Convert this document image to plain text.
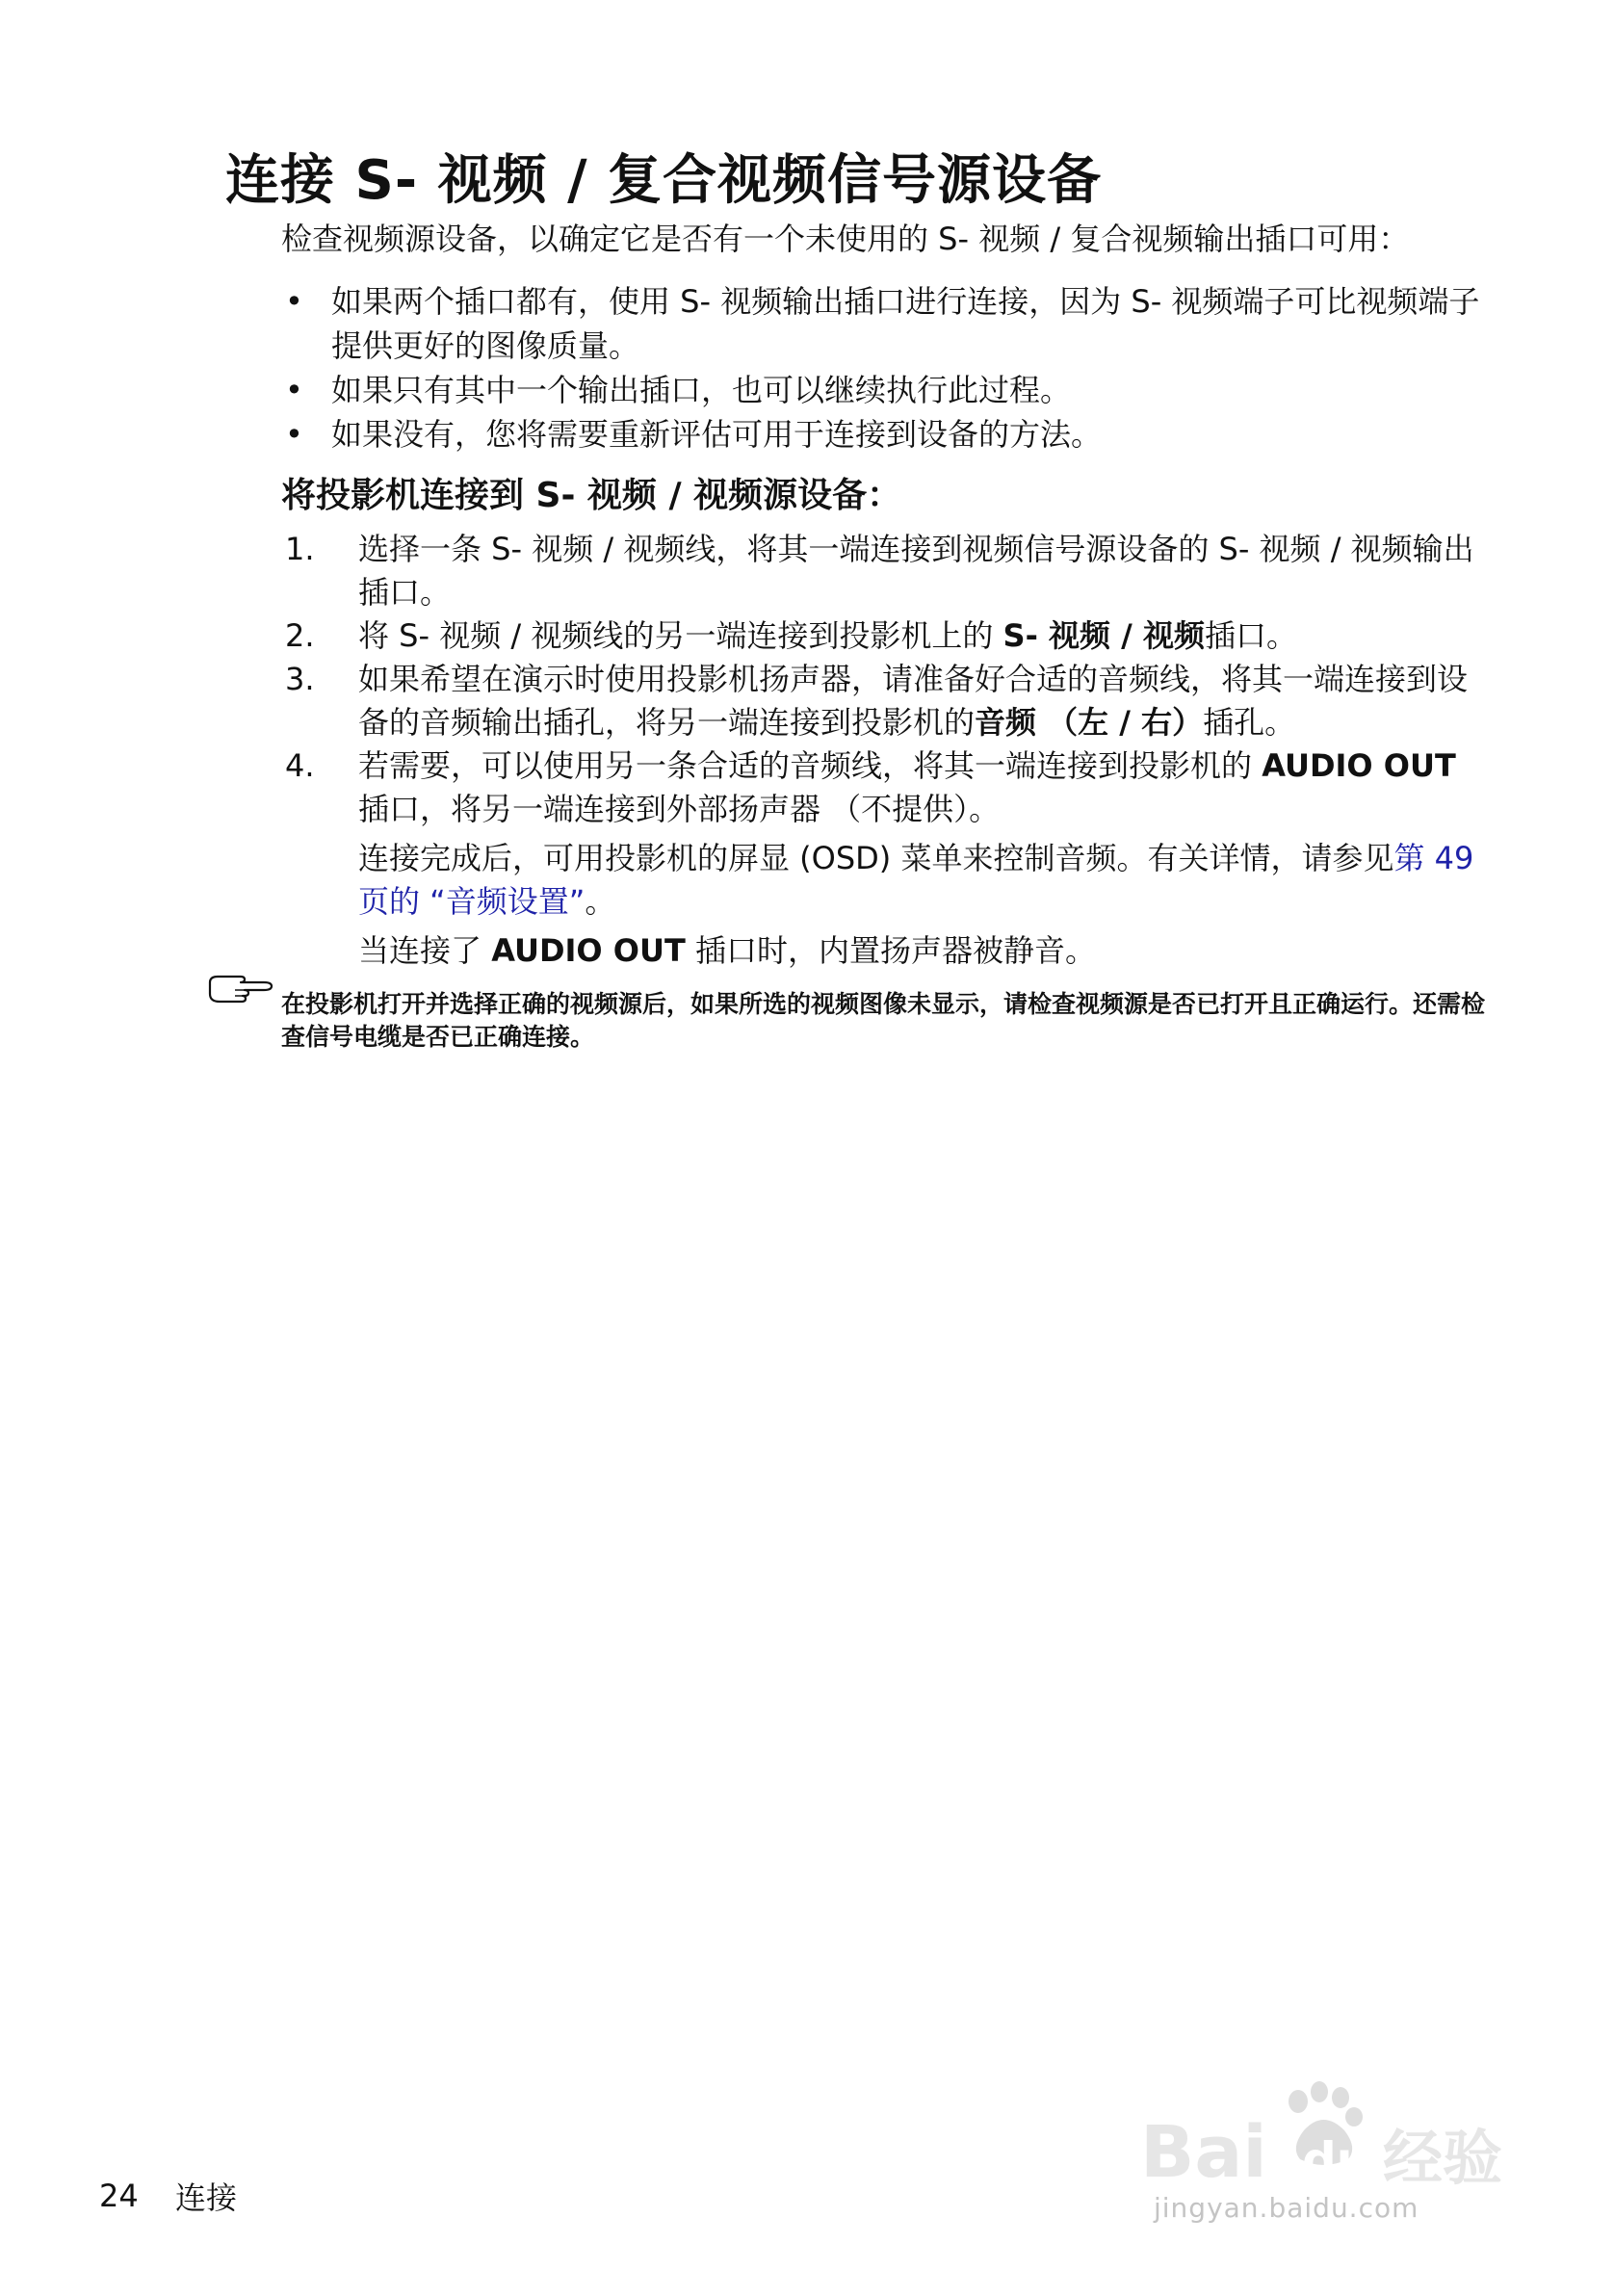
连接 S- 视频 / 复合视频信号源设备
检查视频源设备，以确定它是否有一个未使用的 S- 视频 / 复合视频输出插口可用：
• 如果两个插口都有，使用 S- 视频输出插口进行连接，因为 S- 视频端子可比视频端子提供更好的图像质量。
• 如果只有其中一个输出插口，也可以继续执行此过程。
• 如果没有，您将需要重新评估可用于连接到设备的方法。
将投影机连接到 S- 视频 / 视频源设备：
1. 选择一条 S- 视频 / 视频线，将其一端连接到视频信号源设备的 S- 视频 / 视频输出插口。
2. 将 S- 视频 / 视频线的另一端连接到投影机上的 S- 视频 / 视频插口。
3. 如果希望在演示时使用投影机扬声器，请准备好合适的音频线，将其一端连接到设备的音频输出插孔，将另一端连接到投影机的音频 （左 / 右）插孔。
4. 若需要，可以使用另一条合适的音频线，将其一端连接到投影机的 AUDIO OUT 插口，将另一端连接到外部扬声器 （不提供）。
连接完成后，可用投影机的屏显 (OSD) 菜单来控制音频。有关详情，请参见第 49 页的 “音频设置”。
当连接了 AUDIO OUT 插口时，内置扬声器被静音。
在投影机打开并选择正确的视频源后，如果所选的视频图像未显示，请检查视频源是否已打开且正确运行。还需检查信号电缆是否已正确连接。
24 连接
Bai du 经验
jingyan.baidu.com
